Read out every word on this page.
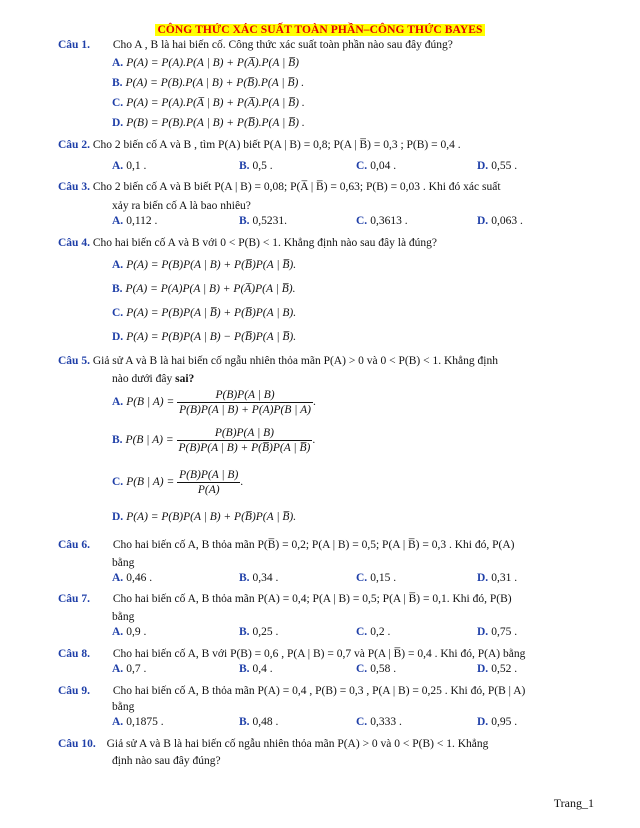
CÔNG THỨC XÁC SUẤT TOÀN PHẦN–CÔNG THỨC BAYES
Câu 1. Cho A , B là hai biến cố. Công thức xác suất toàn phần nào sau đây đúng?
A. P(A) = P(A).P(A | B) + P(A̅).P(A | B̅)
B. P(A) = P(B).P(A | B) + P(B̅).P(A | B̅) .
C. P(A) = P(A).P(A̅ | B) + P(A̅).P(A | B̅) .
D. P(B) = P(B).P(A | B) + P(B̅).P(A | B̅) .
Câu 2. Cho 2 biến cố A và B , tìm P(A) biết P(A | B) = 0,8; P(A | B̅) = 0,3 ; P(B) = 0,4 .
A. 0,1 .	B. 0,5 .	C. 0,04 .	D. 0,55 .
Câu 3. Cho 2 biến cố A và B biết P(A | B) = 0,08; P(A̅ | B̅) = 0,63; P(B) = 0,03 . Khi đó xác suất
xảy ra biến cố A là bao nhiêu?
A. 0,112 .	B. 0,5231.	C. 0,3613 .	D. 0,063 .
Câu 4. Cho hai biến cố A và B với 0 < P(B) < 1. Khẳng định nào sau đây là đúng?
A. P(A) = P(B)P(A | B) + P(B̅)P(A | B̅).
B. P(A) = P(A)P(A | B) + P(A̅)P(A | B̅).
C. P(A) = P(B)P(A | B̅) + P(B̅)P(A | B).
D. P(A) = P(B)P(A | B) − P(B̅)P(A | B̅).
Câu 5. Giả sử A và B là hai biến cố ngẫu nhiên thỏa mãn P(A) > 0 và 0 < P(B) < 1. Khẳng định
nào dưới đây sai?
A. P(B | $A) = \frac{P(B)P(A | B)}{P(B)P(A | B) + P(A)P(B | A)}$ .
B. P(B | $A) = \frac{P(B)P(A | B)}{P(B)P(A | B) + P(B̅)P(A | B̅)}$ .
C. P(B | $A) = \frac{P(B)P(A | B)}{P(A)}$ .
D. P(A) = P(B)P(A | B) + P(B̅)P(A | B̅).
Câu 6. Cho hai biến cố A, B thỏa mãn P(B̅) = 0,2; P(A | B) = 0,5; P(A | B̅) = 0,3 . Khi đó, P(A)
bằng
A. 0,46 .	B. 0,34 .	C. 0,15 .	D. 0,31 .
Câu 7. Cho hai biến cố A, B thỏa mãn P(A) = 0,4; P(A | B) = 0,5; P(A | B̅) = 0,1. Khi đó, P(B)
bằng
A. 0,9 .	B. 0,25 .	C. 0,2 .	D. 0,75 .
Câu 8. Cho hai biến cố A, B với P(B) = 0,6 , P(A | B) = 0,7 và P(A | B̅) = 0,4 . Khi đó, P(A) bằng
A. 0,7 .	B. 0,4 .	C. 0,58 .	D. 0,52 .
Câu 9. Cho hai biến cố A, B thỏa mãn P(A) = 0,4 , P(B) = 0,3 , P(A | B) = 0,25 . Khi đó, P(B | A)
bằng
A. 0,1875 .	B. 0,48 .	C. 0,333 .	D. 0,95 .
Câu 10. Giả sử A và B là hai biến cố ngẫu nhiên thỏa mãn P(A) > 0 và 0 < P(B) < 1. Khẳng
định nào sau đây đúng?
Trang_1
